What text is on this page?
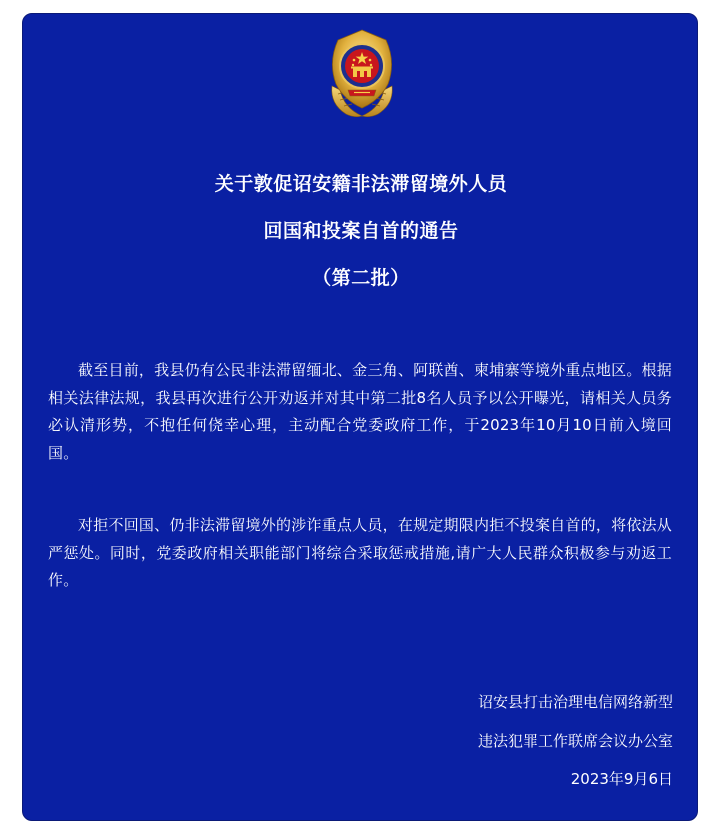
关于敦促诏安籍非法滞留境外人员
回国和投案自首的通告
（第二批）

截至目前，我县仍有公民非法滞留缅北、金三角、阿联酋、柬埔寨等境外重点地区。根据相关法律法规，我县再次进行公开劝返并对其中第二批8名人员予以公开曝光，请相关人员务必认清形势，不抱任何侥幸心理，主动配合党委政府工作，于2023年10月10日前入境回国。

对拒不回国、仍非法滞留境外的涉诈重点人员，在规定期限内拒不投案自首的，将依法从严惩处。同时，党委政府相关职能部门将综合采取惩戒措施,请广大人民群众积极参与劝返工作。

诏安县打击治理电信网络新型
违法犯罪工作联席会议办公室
2023年9月6日
